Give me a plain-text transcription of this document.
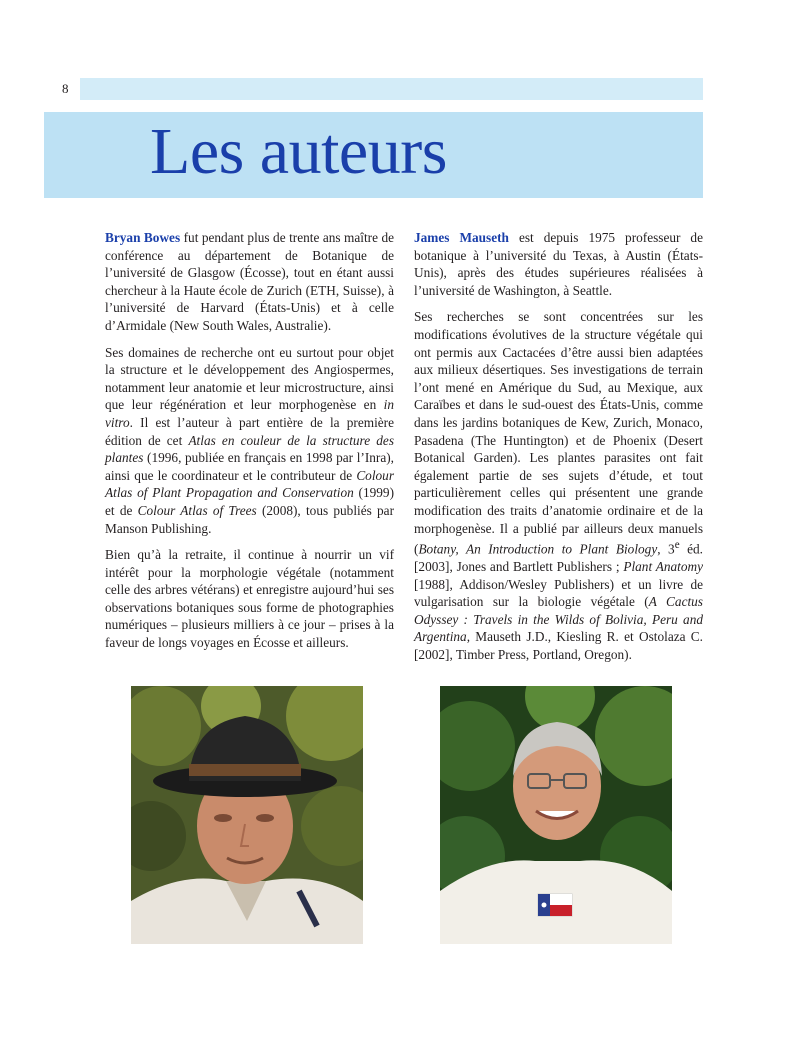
8
Les auteurs

Bryan Bowes fut pendant plus de trente ans maître de conférence au département de Botanique de l’université de Glasgow (Écosse), tout en étant aussi chercheur à la Haute école de Zurich (ETH, Suisse), à l’université de Harvard (États-Unis) et à celle d’Armidale (New South Wales, Australie).

Ses domaines de recherche ont eu surtout pour objet la structure et le développement des Angiospermes, notamment leur anatomie et leur microstructure, ainsi que leur régénération et leur morphogenèse en in vitro. Il est l’auteur à part entière de la première édition de cet Atlas en couleur de la structure des plantes (1996, publiée en français en 1998 par l’Inra), ainsi que le coordinateur et le contributeur de Colour Atlas of Plant Propagation and Conservation (1999) et de Colour Atlas of Trees (2008), tous publiés par Manson Publishing.

Bien qu’à la retraite, il continue à nourrir un vif intérêt pour la morphologie végétale (notamment celle des arbres vétérans) et enregistre aujourd’hui ses observations botaniques sous forme de photographies numériques – plusieurs milliers à ce jour – prises à la faveur de longs voyages en Écosse et ailleurs.

James Mauseth est depuis 1975 professeur de botanique à l’université du Texas, à Austin (États-Unis), après des études supérieures réalisées à l’université de Washington, à Seattle.

Ses recherches se sont concentrées sur les modifications évolutives de la structure végétale qui ont permis aux Cactacées d’être aussi bien adaptées aux milieux désertiques. Ses investigations de terrain l’ont mené en Amérique du Sud, au Mexique, aux Caraïbes et dans le sud-ouest des États-Unis, comme dans les jardins botaniques de Kew, Zurich, Monaco, Pasadena (The Huntington) et de Phoenix (Desert Botanical Garden). Les plantes parasites ont fait également partie de ses sujets d’étude, et tout particulièrement celles qui présentent une grande modification des traits d’anatomie ordinaire et de la morphogenèse. Il a publié par ailleurs deux manuels (Botany, An Introduction to Plant Biology, 3e éd. [2003], Jones and Bartlett Publishers ; Plant Anatomy [1988], Addison/Wesley Publishers) et un livre de vulgarisation sur la biologie végétale (A Cactus Odyssey : Travels in the Wilds of Bolivia, Peru and Argentina, Mauseth J.D., Kiesling R. et Ostolaza C. [2002], Timber Press, Portland, Oregon).
